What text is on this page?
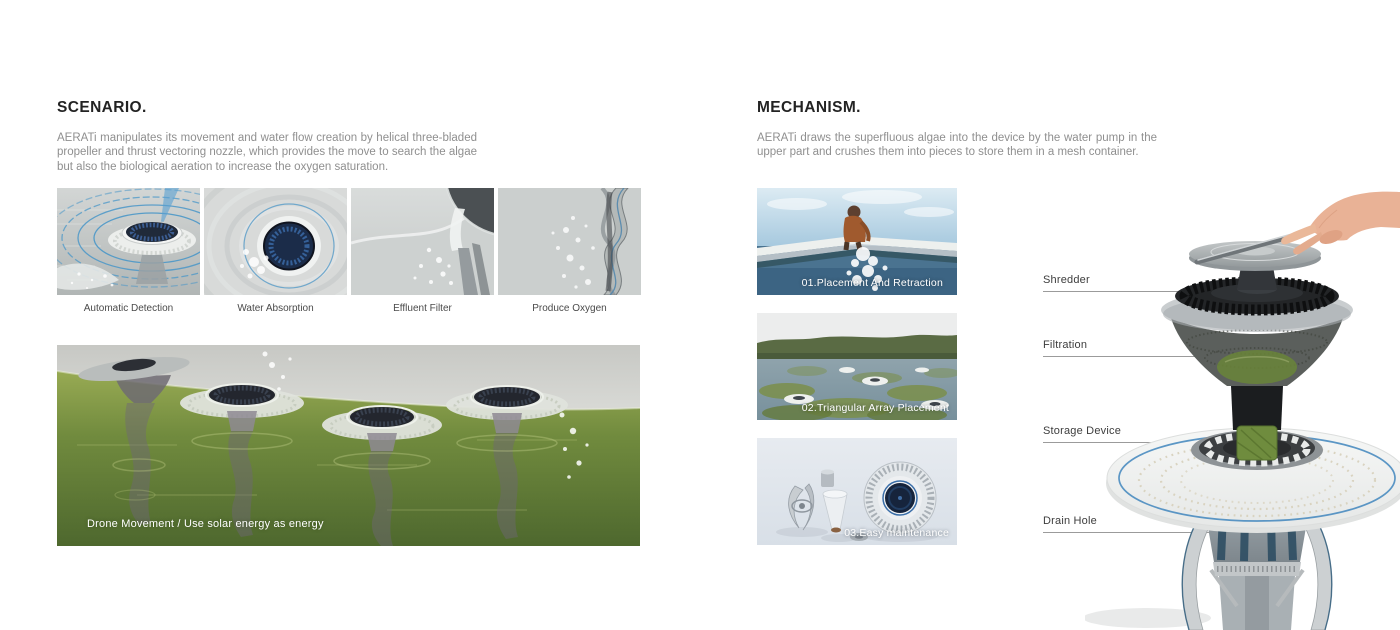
SCENARIO.

AERATi manipulates its movement and water flow creation by helical three-bladed propeller and thrust vectoring nozzle, which provides the move to search the algae but also the biological aeration to increase the oxygen saturation.

Automatic Detection	Water Absorption	Effluent Filter	Produce Oxygen
Drone Movement / Use solar energy as energy
MECHANISM.

AERATi draws the superfluous algae into the device by the water pump in the upper part and crushes them into pieces to store them in a mesh container.

01.Placement And Retraction
02.Triangular Array Placement
03.Easy maintenance
Shredder
Filtration
Storage Device
Drain Hole
